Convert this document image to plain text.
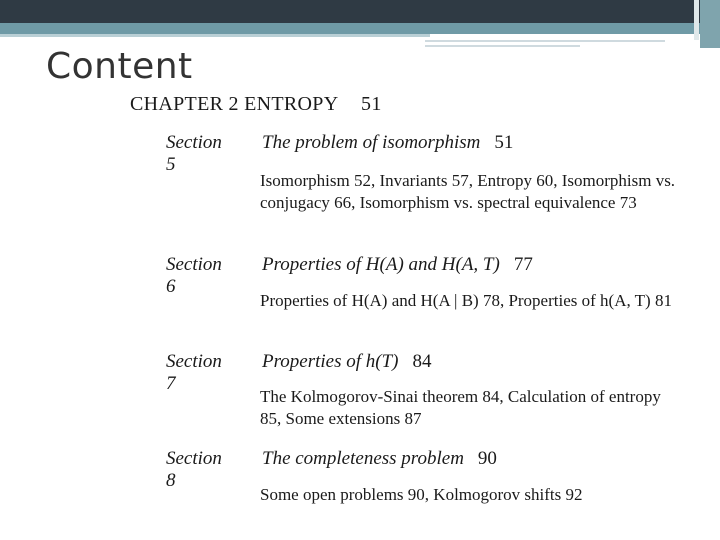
Content
CHAPTER 2 ENTROPY 51
Section 5
The problem of isomorphism 51
Isomorphism 52, Invariants 57, Entropy 60, Isomorphism vs. conjugacy 66, Isomorphism vs. spectral equivalence 73
Section 6
Properties of H(A) and H(A, T) 77
Properties of H(A) and H(A | B) 78, Properties of h(A, T) 81
Section 7
Properties of h(T) 84
The Kolmogorov-Sinai theorem 84, Calculation of entropy 85, Some extensions 87
Section 8
The completeness problem 90
Some open problems 90, Kolmogorov shifts 92
